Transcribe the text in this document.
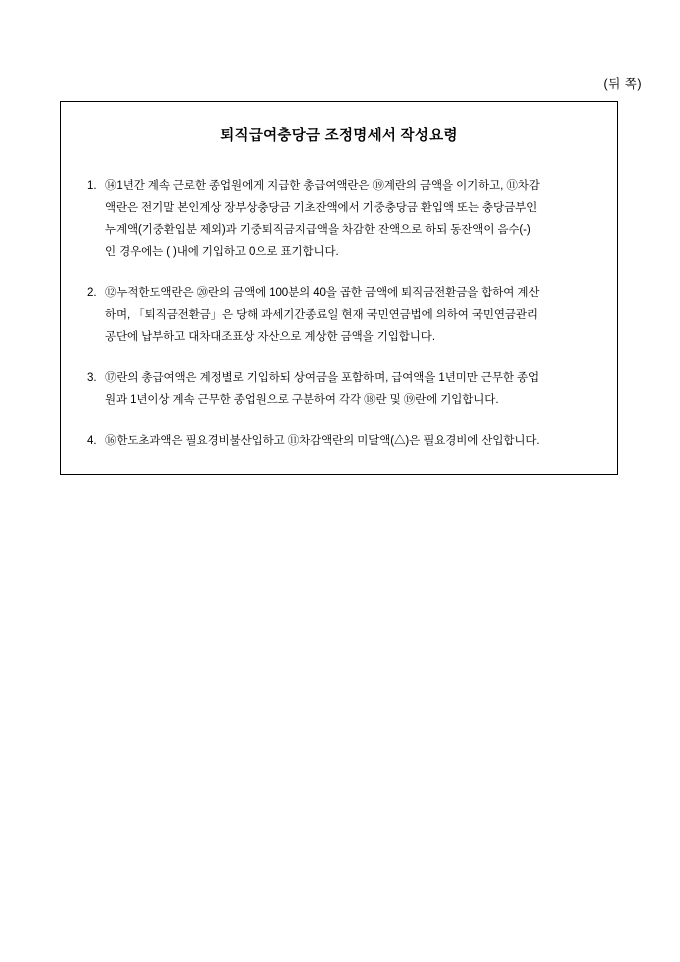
(뒤 쪽)
퇴직급여충당금 조정명세서 작성요령
1. ⑭1년간 계속 근로한 종업원에게 지급한 총급여액란은 ⑲계란의 금액을 이기하고, ⑪차감
액란은 전기말 본인계상 장부상충당금 기초잔액에서 기중충당금 환입액 또는 충당금부인
누계액(기중환입분 제외)과 기중퇴직금지급액을 차감한 잔액으로 하되 동잔액이 음수(-)
인 경우에는 ( )내에 기입하고 0으로 표기합니다.
2. ⑫누적한도액란은 ⑳란의 금액에 100분의 40을 곱한 금액에 퇴직금전환금을 합하여 계산
하며, 「퇴직금전환금」은 당해 과세기간종료일 현재 국민연금법에 의하여 국민연금관리
공단에 납부하고 대차대조표상 자산으로 계상한 금액을 기입합니다.
3. ⑰란의 총급여액은 계정별로 기입하되 상여금을 포함하며, 급여액을 1년미만 근무한 종업
원과 1년이상 계속 근무한 종업원으로 구분하여 각각 ⑱란 및 ⑲란에 기입합니다.
4. ⑯한도초과액은 필요경비불산입하고 ⑪차감액란의 미달액(△)은 필요경비에 산입합니다.
